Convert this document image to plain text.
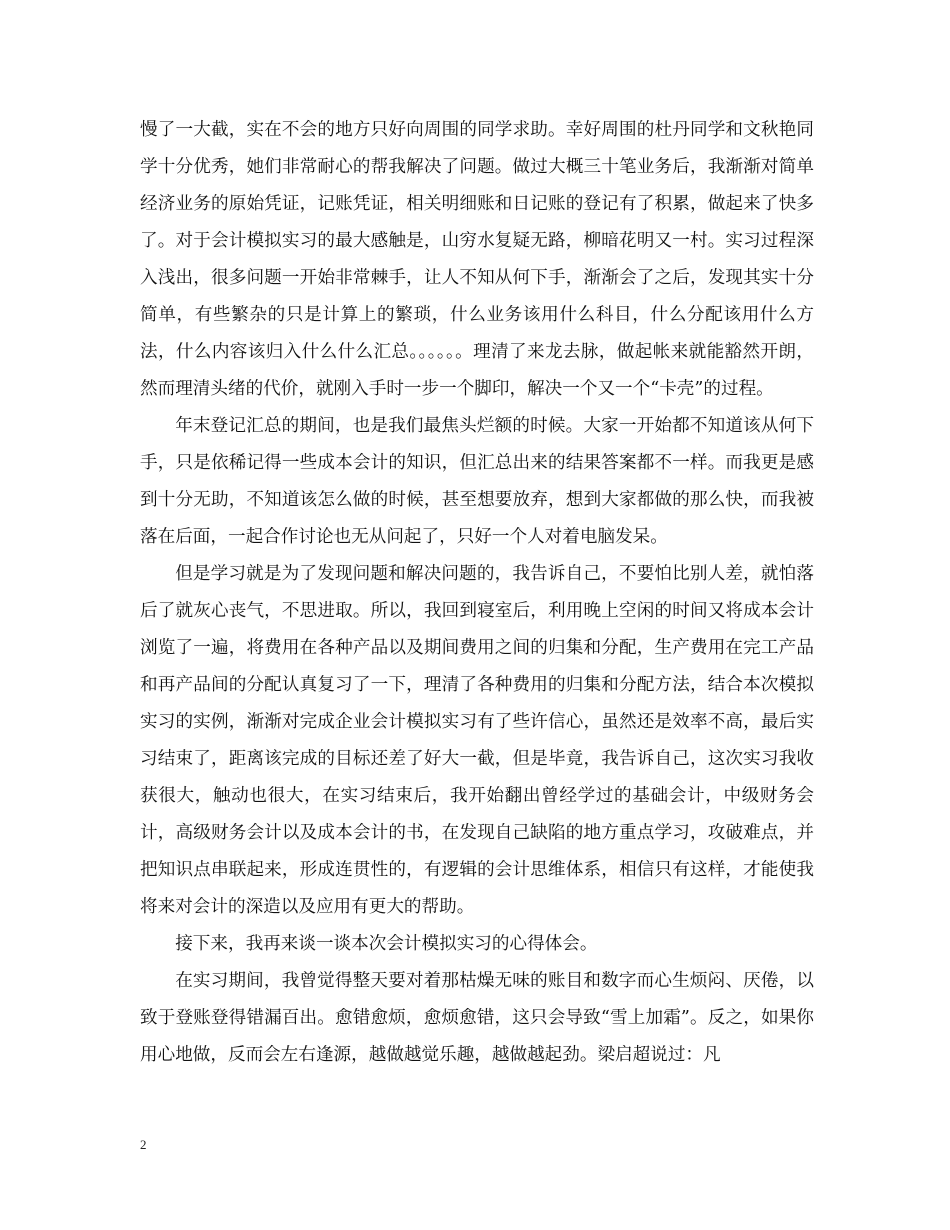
慢了一大截，实在不会的地方只好向周围的同学求助。幸好周围的杜丹同学和文秋艳同学十分优秀，她们非常耐心的帮我解决了问题。做过大概三十笔业务后，我渐渐对简单经济业务的原始凭证，记账凭证，相关明细账和日记账的登记有了积累，做起来了快多了。对于会计模拟实习的最大感触是，山穷水复疑无路，柳暗花明又一村。实习过程深入浅出，很多问题一开始非常棘手，让人不知从何下手，渐渐会了之后，发现其实十分简单，有些繁杂的只是计算上的繁琐，什么业务该用什么科目，什么分配该用什么方法，什么内容该归入什么什么汇总。。。。。。理清了来龙去脉，做起帐来就能豁然开朗，然而理清头绪的代价，就刚入手时一步一个脚印，解决一个又一个“卡壳”的过程。

年末登记汇总的期间，也是我们最焦头烂额的时候。大家一开始都不知道该从何下手，只是依稀记得一些成本会计的知识，但汇总出来的结果答案都不一样。而我更是感到十分无助，不知道该怎么做的时候，甚至想要放弃，想到大家都做的那么快，而我被落在后面，一起合作讨论也无从问起了，只好一个人对着电脑发呆。

但是学习就是为了发现问题和解决问题的，我告诉自己，不要怕比别人差，就怕落后了就灰心丧气，不思进取。所以，我回到寝室后，利用晚上空闲的时间又将成本会计浏览了一遍，将费用在各种产品以及期间费用之间的归集和分配，生产费用在完工产品和再产品间的分配认真复习了一下，理清了各种费用的归集和分配方法，结合本次模拟实习的实例，渐渐对完成企业会计模拟实习有了些许信心，虽然还是效率不高，最后实习结束了，距离该完成的目标还差了好大一截，但是毕竟，我告诉自己，这次实习我收获很大，触动也很大，在实习结束后，我开始翻出曾经学过的基础会计，中级财务会计，高级财务会计以及成本会计的书，在发现自己缺陷的地方重点学习，攻破难点，并把知识点串联起来，形成连贯性的，有逻辑的会计思维体系，相信只有这样，才能使我将来对会计的深造以及应用有更大的帮助。

接下来，我再来谈一谈本次会计模拟实习的心得体会。

在实习期间，我曾觉得整天要对着那枯燥无味的账目和数字而心生烦闷、厌倦，以致于登账登得错漏百出。愈错愈烦，愈烦愈错，这只会导致“雪上加霜”。反之，如果你用心地做，反而会左右逢源，越做越觉乐趣，越做越起劲。梁启超说过：凡

2
